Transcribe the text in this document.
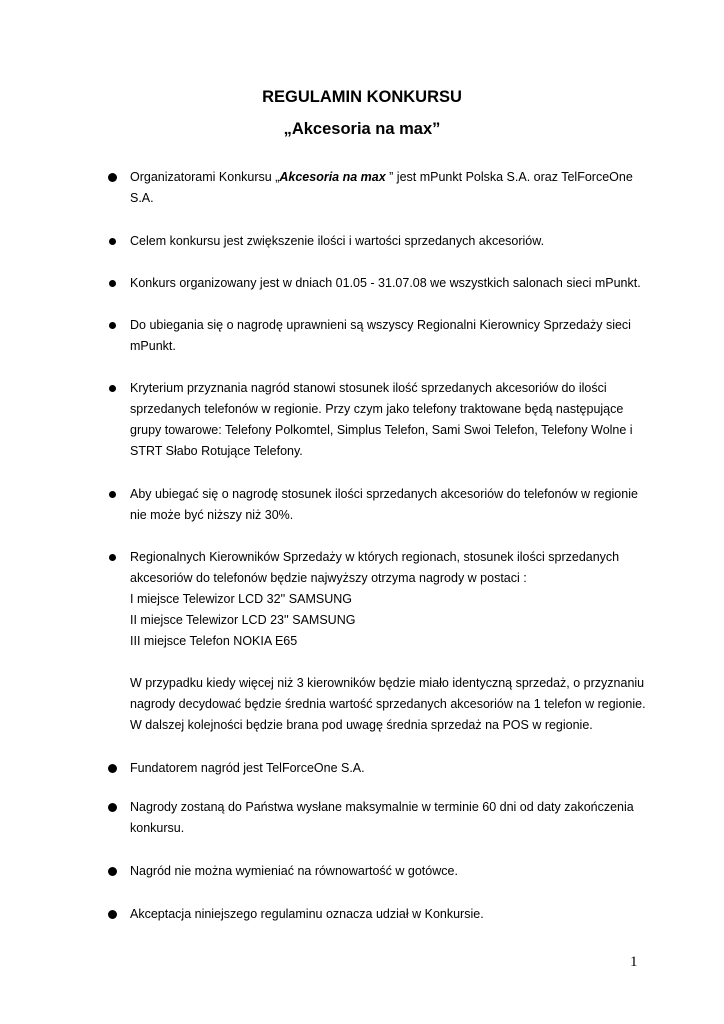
REGULAMIN KONKURSU
„Akcesoria na max”

Organizatorami Konkursu „Akcesoria na max ” jest mPunkt Polska S.A. oraz TelForceOne S.A.

Celem konkursu jest zwiększenie ilości i wartości sprzedanych akcesoriów.

Konkurs organizowany jest w dniach 01.05 - 31.07.08 we wszystkich salonach sieci mPunkt.

Do ubiegania się o nagrodę uprawnieni są wszyscy Regionalni Kierownicy Sprzedaży sieci mPunkt.

Kryterium przyznania nagród stanowi stosunek ilość sprzedanych akcesoriów do ilości sprzedanych telefonów w regionie. Przy czym jako telefony traktowane będą następujące grupy towarowe: Telefony Polkomtel, Simplus Telefon, Sami Swoi Telefon, Telefony Wolne i STRT Słabo Rotujące Telefony.

Aby ubiegać się o nagrodę stosunek ilości sprzedanych akcesoriów do telefonów w regionie nie może być niższy niż 30%.

Regionalnych Kierowników Sprzedaży w których regionach, stosunek ilości sprzedanych akcesoriów do telefonów będzie najwyższy otrzyma nagrody w postaci :

I miejsce Telewizor LCD 32'' SAMSUNG

II miejsce Telewizor LCD 23'' SAMSUNG

III miejsce Telefon NOKIA E65

W przypadku kiedy więcej niż 3 kierowników będzie miało identyczną sprzedaż, o przyznaniu nagrody decydować będzie średnia wartość sprzedanych akcesoriów na 1 telefon w regionie. W dalszej kolejności będzie brana pod uwagę średnia sprzedaż na POS w regionie.

Fundatorem nagród jest TelForceOne S.A.

Nagrody zostaną do Państwa wysłane maksymalnie w terminie 60 dni od daty zakończenia konkursu.

Nagród nie można wymieniać na równowartość w gotówce.

Akceptacja niniejszego regulaminu oznacza udział w Konkursie.

1
